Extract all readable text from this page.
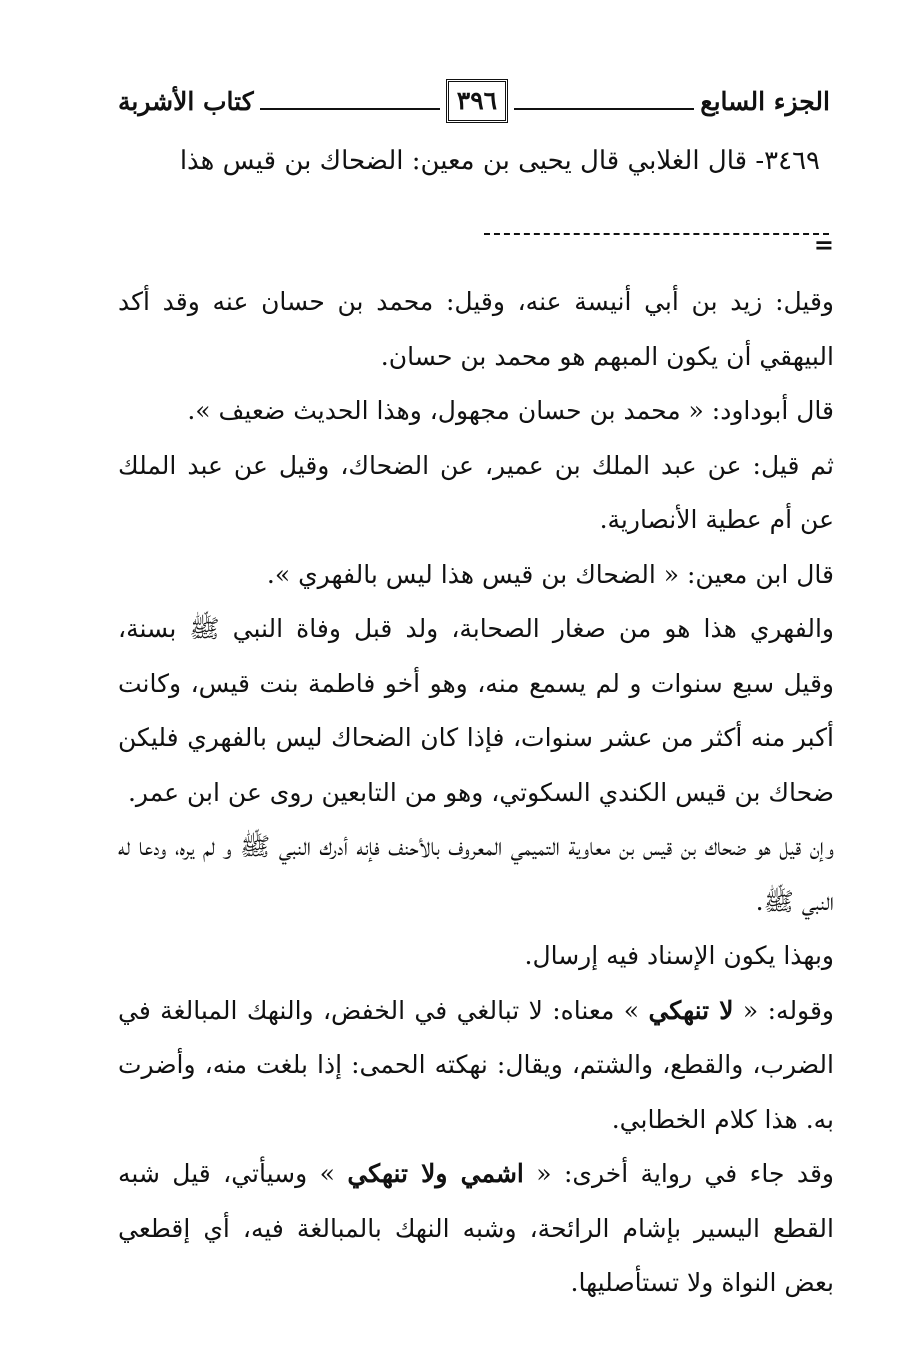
الجزء السابع
٣٩٦
كتاب الأشربة
٣٤٦٩- قال الغلابي قال يحيى بن معين: الضحاك بن قيس هذا
=

وقيل: زيد بن أبي أنيسة عنه، وقيل: محمد بن حسان عنه وقد أكد البيهقي أن يكون المبهم هو محمد بن حسان.

قال أبوداود: « محمد بن حسان مجهول، وهذا الحديث ضعيف ».

ثم قيل: عن عبد الملك بن عمير، عن الضحاك، وقيل عن عبد الملك عن أم عطية الأنصارية.

قال ابن معين: « الضحاك بن قيس هذا ليس بالفهري ».

والفهري هذا هو من صغار الصحابة، ولد قبل وفاة النبي ﷺ بسنة، وقيل سبع سنوات و لم يسمع منه، وهو أخو فاطمة بنت قيس، وكانت أكبر منه أكثر من عشر سنوات، فإذا كان الضحاك ليس بالفهري فليكن ضحاك بن قيس الكندي السكوتي، وهو من التابعين روى عن ابن عمر.

وإن قيل هو ضحاك بن قيس بن معاوية التميمي المعروف بالأحنف فإنه أدرك النبي ﷺ و لم يره، ودعا له النبي ﷺ.

وبهذا يكون الإسناد فيه إرسال.

وقوله: « لا تنهكي » معناه: لا تبالغي في الخفض، والنهك المبالغة في الضرب، والقطع، والشتم، ويقال: نهكته الحمى: إذا بلغت منه، وأضرت به. هذا كلام الخطابي.

وقد جاء في رواية أخرى: « اشمي ولا تنهكي » وسيأتي، قيل شبه القطع اليسير بإشام الرائحة، وشبه النهك بالمبالغة فيه، أي إقطعي بعض النواة ولا تستأصليها.
